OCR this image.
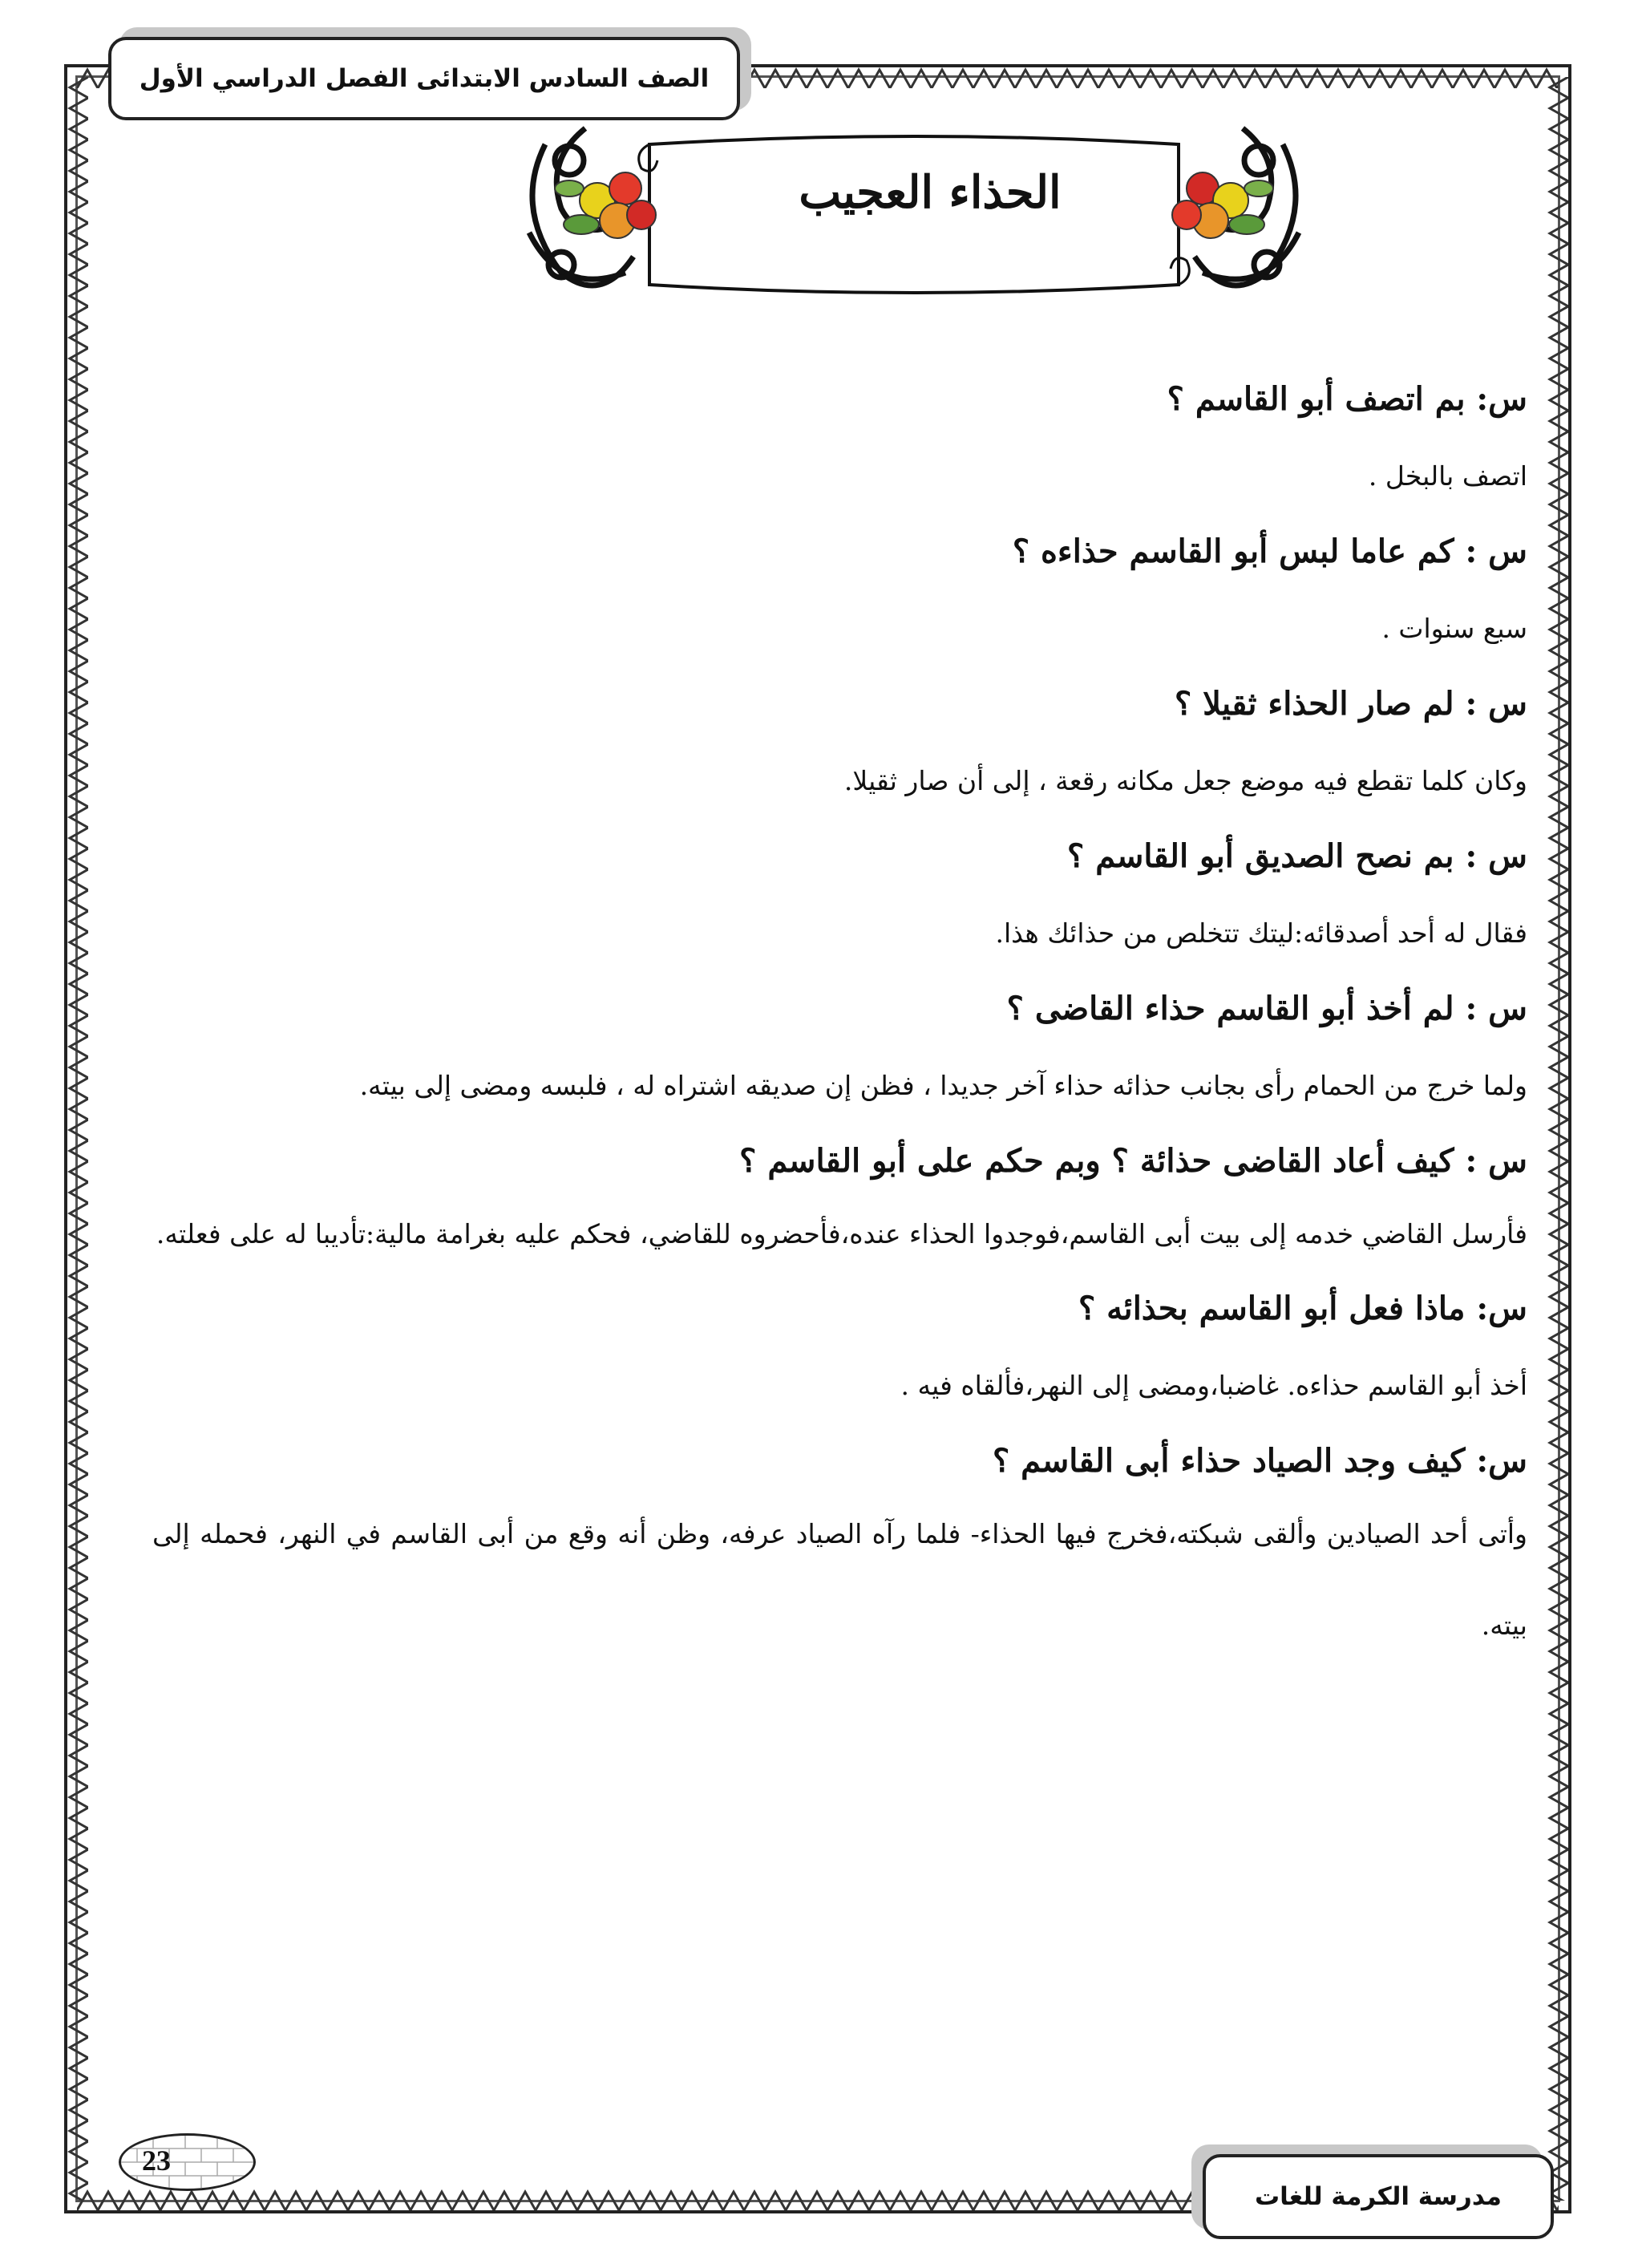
الصف السادس الابتدائى الفصل الدراسي الأول
الحذاء العجيب

س: بم اتصف أبو القاسم ؟

اتصف بالبخل .

س : كم عاما لبس أبو القاسم حذاءه ؟

سبع سنوات .

س : لم صار الحذاء ثقيلا ؟

وكان كلما تقطع فيه موضع جعل مكانه رقعة ، إلى أن صار ثقيلا.

س : بم نصح الصديق أبو القاسم ؟

فقال له أحد أصدقائه:ليتك تتخلص من حذائك هذا.

س : لم أخذ أبو القاسم حذاء القاضى ؟

ولما خرج من الحمام رأى بجانب حذائه حذاء آخر جديدا ، فظن إن صديقه اشتراه له ، فلبسه ومضى إلى بيته.

س : كيف أعاد القاضى حذائة ؟ وبم حكم على أبو القاسم ؟

فأرسل القاضي خدمه إلى بيت أبى القاسم،فوجدوا الحذاء عنده،فأحضروه للقاضي، فحكم عليه بغرامة مالية:تأديبا له على فعلته.

س: ماذا فعل أبو القاسم بحذائه ؟

أخذ أبو القاسم حذاءه. غاضبا،ومضى إلى النهر،فألقاه فيه .

س: كيف وجد الصياد حذاء أبى القاسم ؟

وأتى أحد الصيادين وألقى شبكته،فخرج فيها الحذاء- فلما رآه الصياد عرفه، وظن أنه وقع من أبى القاسم في النهر، فحمله إلى بيته.

23
مدرسة الكرمة للغات
